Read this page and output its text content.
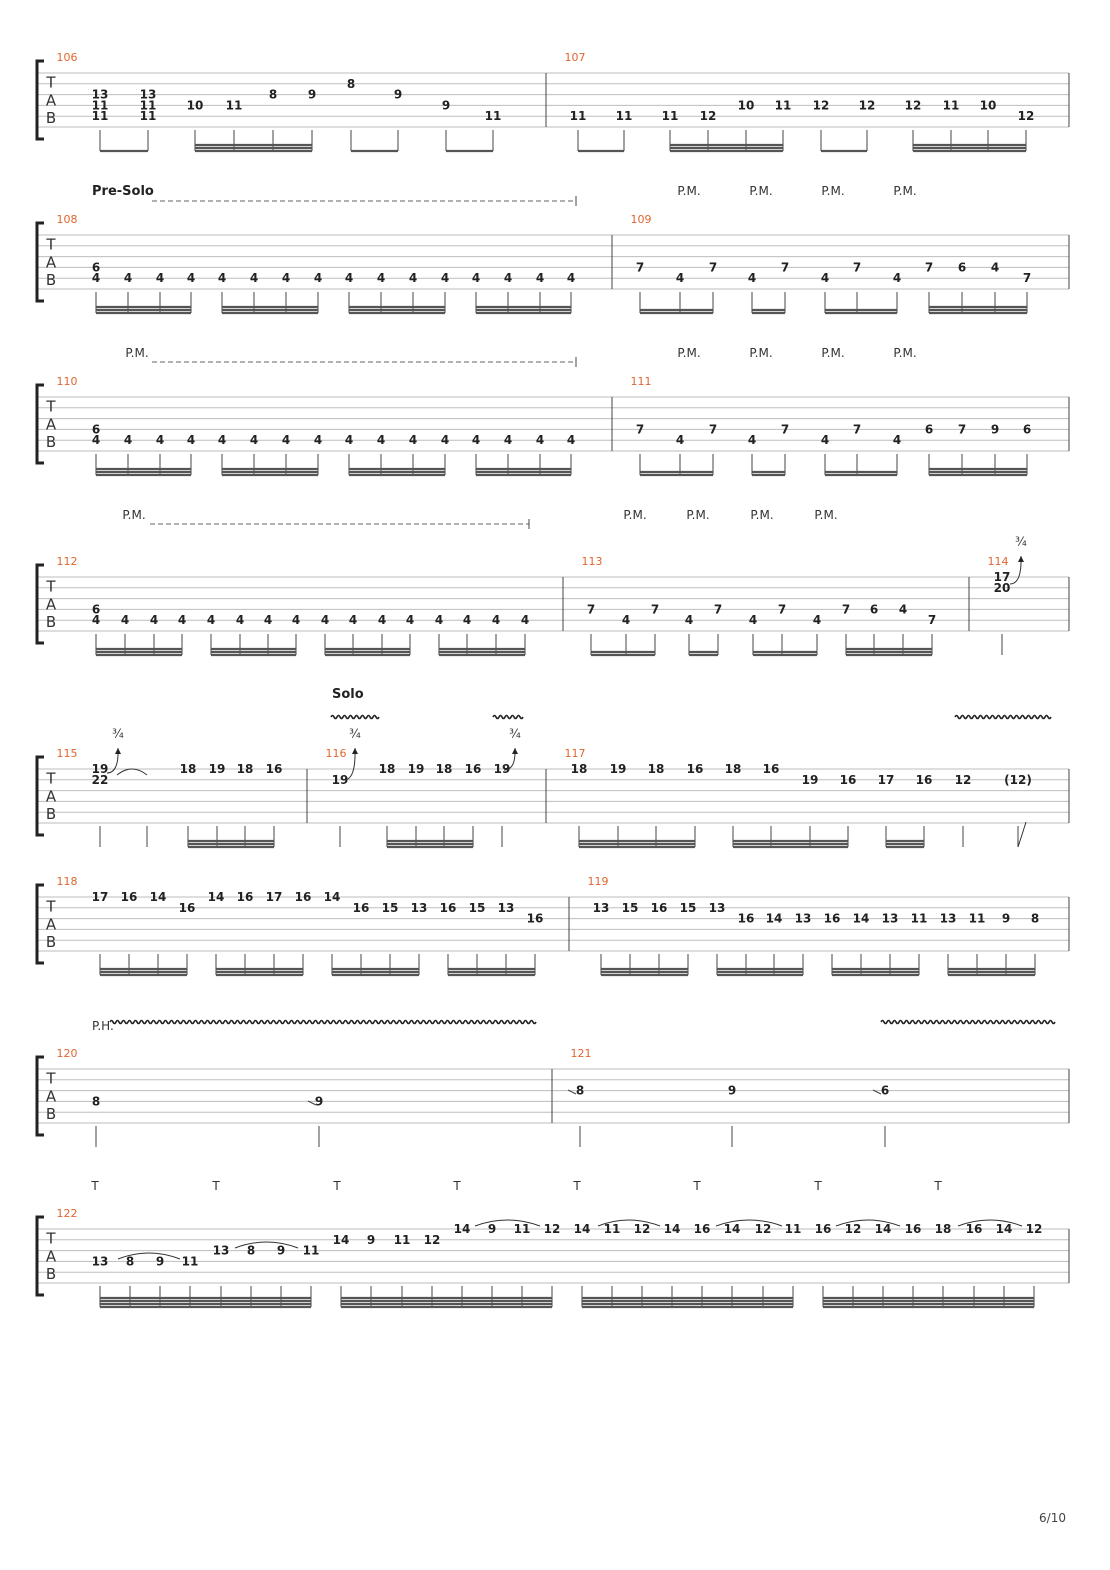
T
A
B
106
13
11
11
13
11
11
10 11
8	9
8
9
9
11
107
11 11 11 12
10 11 12 12 12 11 10
12
T
A
B
108
6
4 4 4 4 4 4 4 4 4 4 4 4 4 4 4 4
109
7
4
7
4
7
4
7
4
7 6 4
7
T
A
B
110
6
4 4 4 4 4 4 4 4 4 4 4 4 4 4 4 4
111
7
4
7
4
7
4
7
4
6 7 9 6
T
A
B
112
6
4 4 4 4 4 4 4 4 4 4 4 4 4 4 4 4
113
7
4
7
4
7
4
7
4
7 6 4
7
114
17
20
T
A
B
115
19
22
18 19 18 16
116
19
18 19 18 16 19
117
18 19 18 16 18 16
19 16 17 16 12	(12)
T
A
B
118
17 16 14
16
14 16 17 16 14
16 15 13 16 15 13
16
119
13 15 16 15 13
16 14 13 16 14 13 11 13 11 9 8
T
A
B
120
8	9
121
8	9	6
T
A
B
122
13 8 9 11
13 8 9 11
14 9 11 12
14 9 11 12 14 11 12 14 16 14 12 11 16 12 14 16 18 16 14 12
Pre-Solo	P.M.	P.M.	P.M.	P.M.
P.M.	P.M.	P.M.	P.M.	P.M.
P.M.	P.M.	P.M.	P.M.	P.M.
¾
Solo
¾	¾	¾
P.H.
T	T	T	T	T	T	T	T
6/10
